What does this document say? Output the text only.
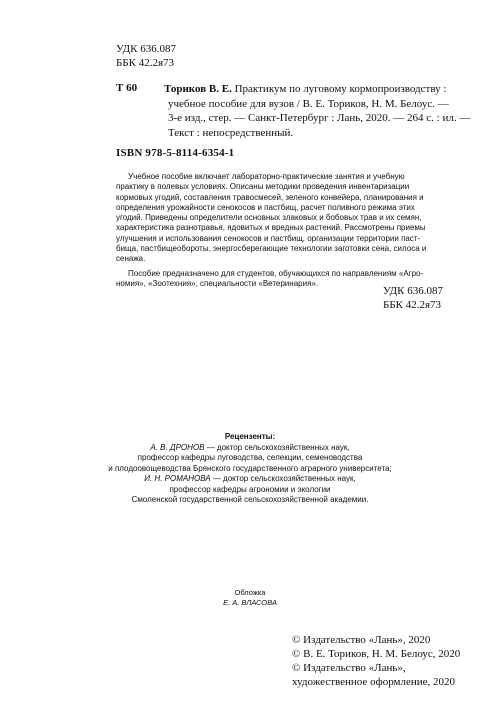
УДК 636.087
ББК 42.2я73
Т 60 Ториков В. Е. Практикум по луговому кормопроизводству :
учебное пособие для вузов / В. Е. Ториков, Н. М. Белоус. —
3-е изд., стер. — Санкт-Петербург : Лань, 2020. — 264 с. : ил. —
Текст : непосредственный.
ISBN 978-5-8114-6354-1
Учебное пособие включает лабораторно-практические занятия и учебную
практику в полевых условиях. Описаны методики проведения инвентаризации
кормовых угодий, составления травосмесей, зеленого конвейера, планирования и
определения урожайности сенокосов и пастбищ, расчет поливного режима этих
угодий. Приведены определители основных злаковых и бобовых трав и их семян,
характеристика разнотравья, ядовитых и вредных растений. Рассмотрены приемы
улучшения и использования сенокосов и пастбищ, организации территории паст-
бища, пастбищеобороты, энергосберегающие технологии заготовки сена, силоса и
сенажа.
Пособие предназначено для студентов, обучающихся по направлениям «Агро-
номия», «Зоотехния», специальности «Ветеринария».
УДК 636.087
ББК 42.2я73
Рецензенты:
А. В. ДРОНОВ — доктор сельскохозяйственных наук,
профессор кафедры луговодства, селекции, семеноводства
и плодоовощеводства Брянского государственного аграрного университета;
И. Н. РОМАНОВА — доктор сельскохозяйственных наук,
профессор кафедры агрономии и экологии
Смоленской государственной сельскохозяйственной академии.
Обложка
Е. А. ВЛАСОВА
© Издательство «Лань», 2020
© В. Е. Ториков, Н. М. Белоус, 2020
© Издательство «Лань»,
художественное оформление, 2020
